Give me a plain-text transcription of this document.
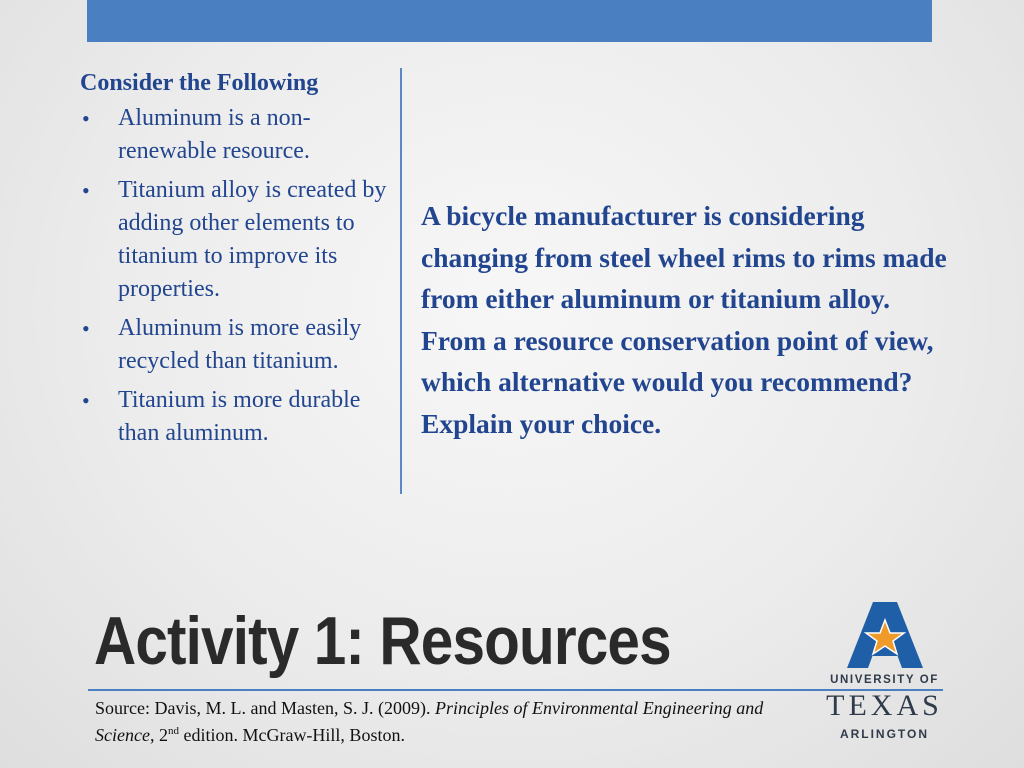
Consider the Following
• Aluminum is a non-renewable resource.
• Titanium alloy is created by adding other elements to titanium to improve its properties.
• Aluminum is more easily recycled than titanium.
• Titanium is more durable than aluminum.
A bicycle manufacturer is considering changing from steel wheel rims to rims made from either aluminum or titanium alloy. From a resource conservation point of view, which alternative would you recommend? Explain your choice.
Activity 1: Resources
Source: Davis, M. L. and Masten, S. J. (2009). Principles of Environmental Engineering and Science, 2nd edition. McGraw-Hill, Boston.
UNIVERSITY OF
TEXAS
ARLINGTON
